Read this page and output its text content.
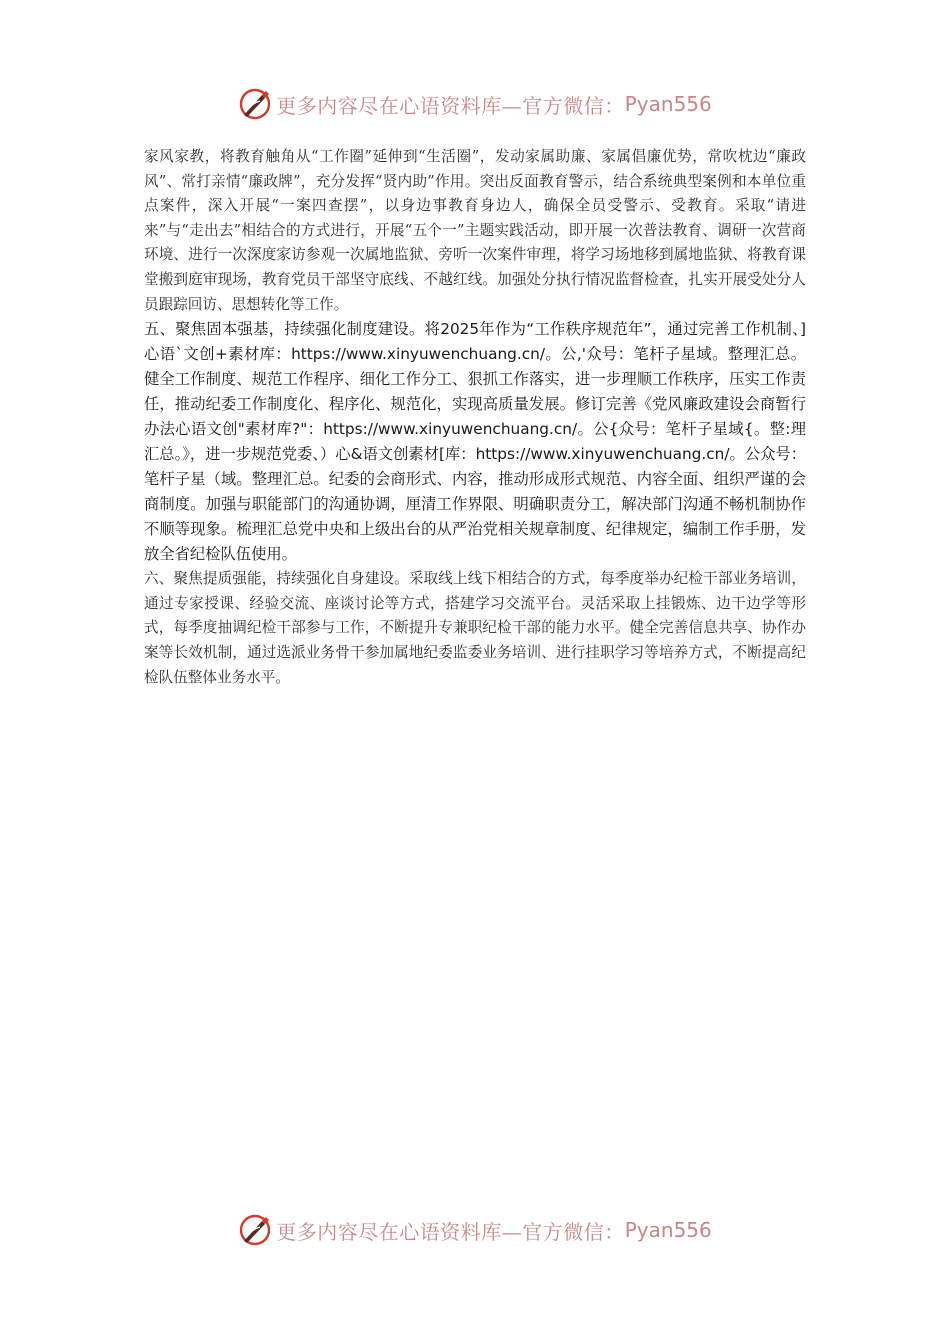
更多内容尽在心语资料库—官方微信： Pyan556

家风家教，将教育触角从“工作圈”延伸到“生活圈”，发动家属助廉、家属倡廉优势，常吹枕边“廉政风”、常打亲情“廉政牌”，充分发挥“贤内助”作用。突出反面教育警示，结合系统典型案例和本单位重点案件，深入开展“一案四查摆”，以身边事教育身边人，确保全员受警示、受教育。采取“请进来”与“走出去”相结合的方式进行，开展“五个一”主题实践活动，即开展一次普法教育、调研一次营商环境、进行一次深度家访参观一次属地监狱、旁听一次案件审理，将学习场地移到属地监狱、将教育课堂搬到庭审现场，教育党员干部坚守底线、不越红线。加强处分执行情况监督检查，扎实开展受处分人员跟踪回访、思想转化等工作。

五、聚焦固本强基，持续强化制度建设。将2025年作为“工作秩序规范年”，通过完善工作机制、]心语`文创+素材库：https://www.xinyuwenchuang.cn/。公,'众号：笔杆子星域。整理汇总。健全工作制度、规范工作程序、细化工作分工、狠抓工作落实，进一步理顺工作秩序，压实工作责任，推动纪委工作制度化、程序化、规范化，实现高质量发展。修订完善《党风廉政建设会商暂行办法心语文创"素材库?"：https://www.xinyuwenchuang.cn/。公{众号：笔杆子星域{。整:理汇总。》，进一步规范党委、）心&语文创素材[库：https://www.xinyuwenchuang.cn/。公众号：笔杆子星（域。整理汇总。纪委的会商形式、内容，推动形成形式规范、内容全面、组织严谨的会商制度。加强与职能部门的沟通协调，厘清工作界限、明确职责分工，解决部门沟通不畅机制协作不顺等现象。梳理汇总党中央和上级出台的从严治党相关规章制度、纪律规定，编制工作手册，发放全省纪检队伍使用。

六、聚焦提质强能，持续强化自身建设。采取线上线下相结合的方式，每季度举办纪检干部业务培训，通过专家授课、经验交流、座谈讨论等方式，搭建学习交流平台。灵活采取上挂锻炼、边干边学等形式，每季度抽调纪检干部参与工作，不断提升专兼职纪检干部的能力水平。健全完善信息共享、协作办案等长效机制，通过选派业务骨干参加属地纪委监委业务培训、进行挂职学习等培养方式，不断提高纪检队伍整体业务水平。

更多内容尽在心语资料库—官方微信： Pyan556
